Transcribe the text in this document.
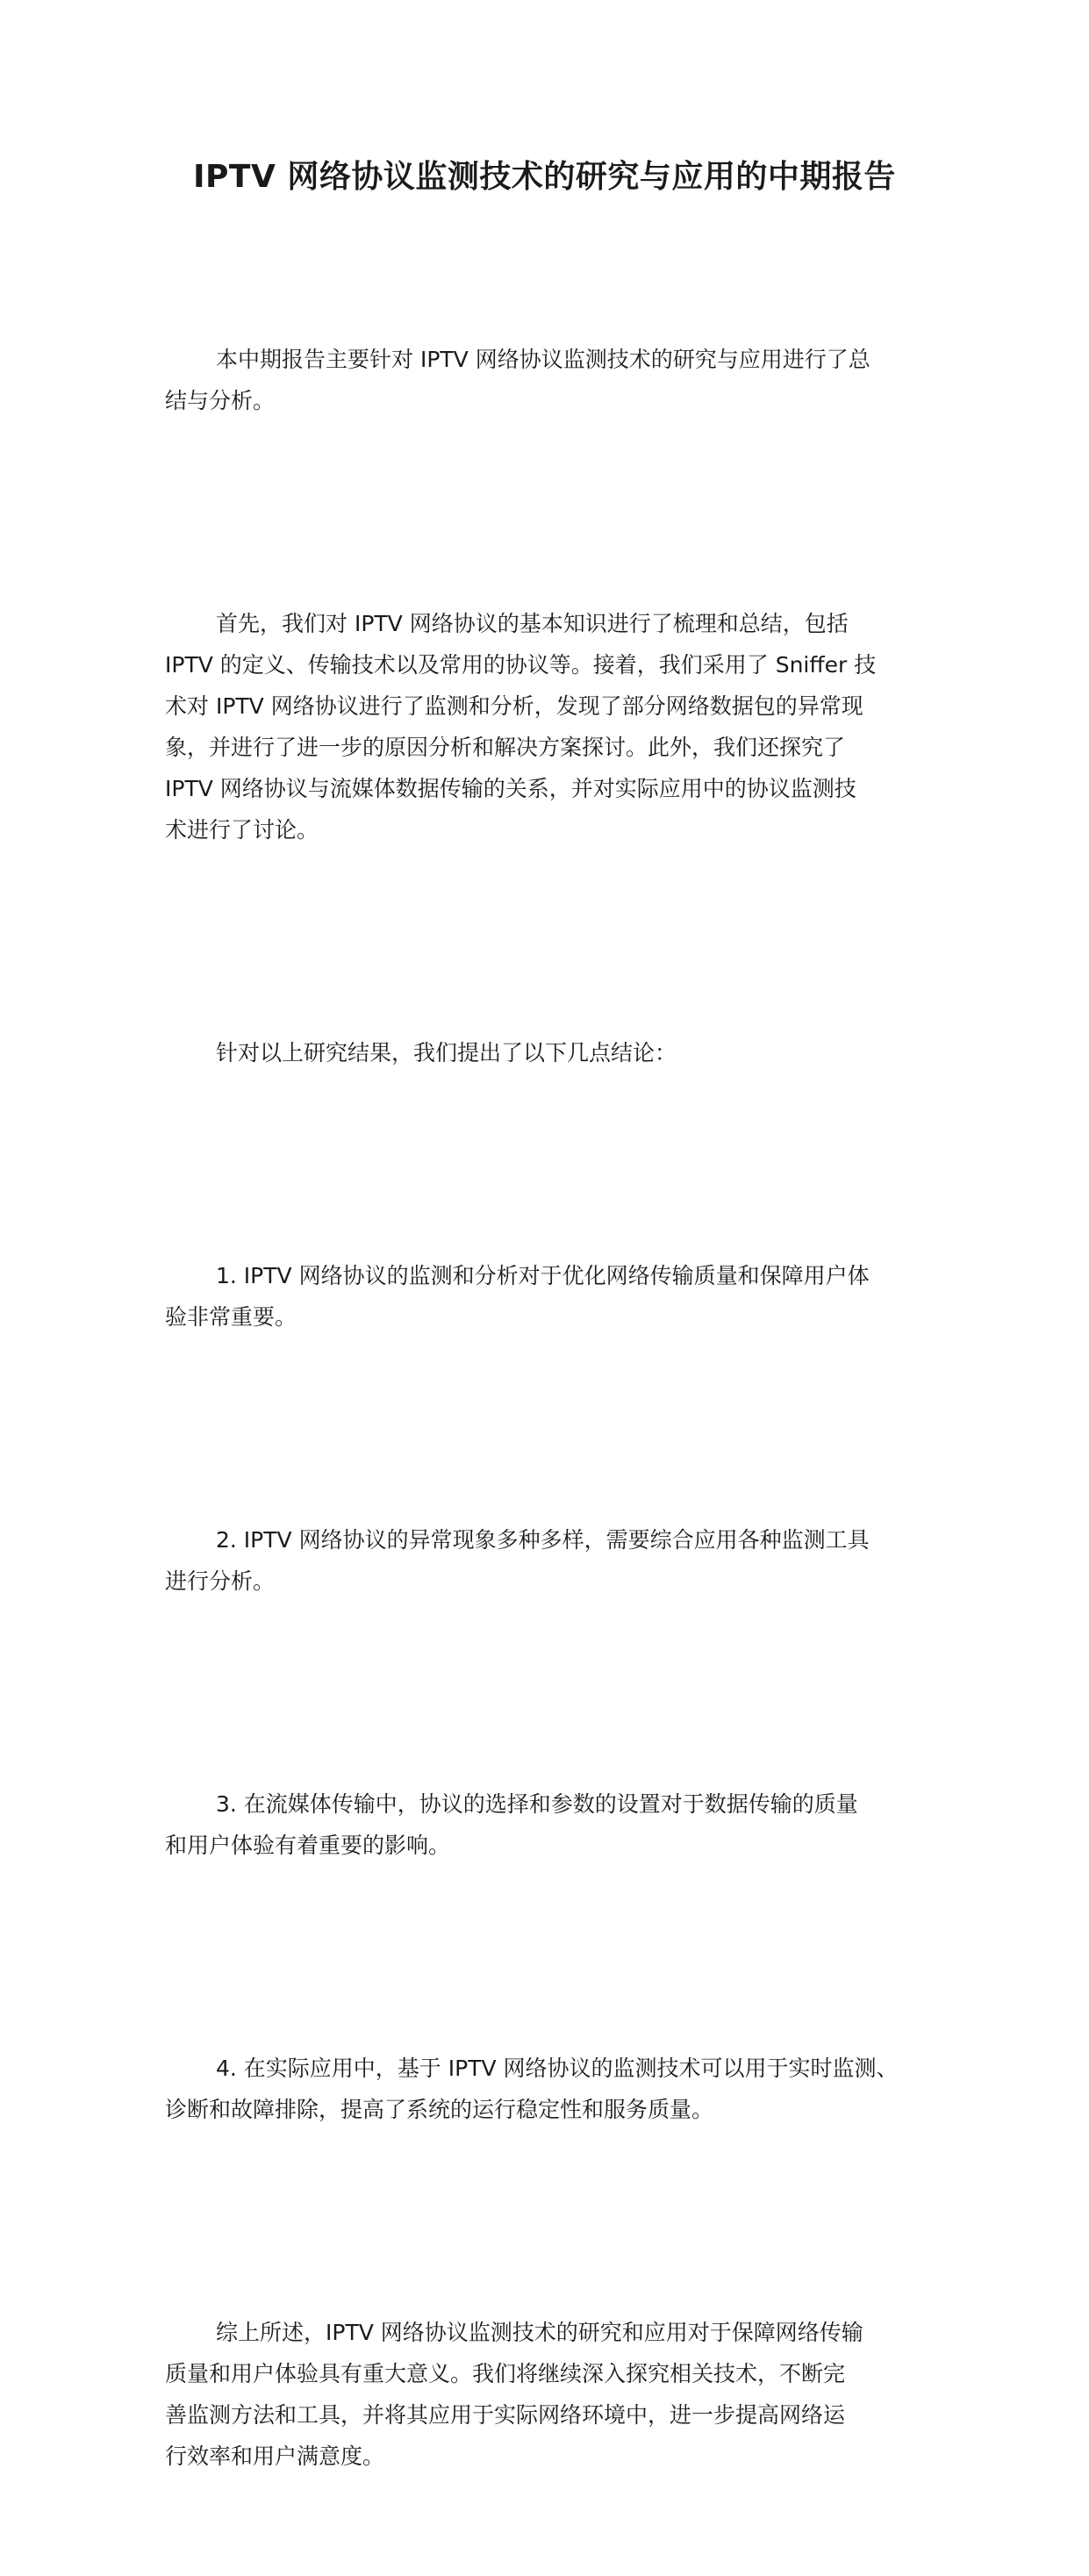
IPTV 网络协议监测技术的研究与应用的中期报告

本中期报告主要针对 IPTV 网络协议监测技术的研究与应用进行了总
结与分析。

首先，我们对 IPTV 网络协议的基本知识进行了梳理和总结，包括
IPTV 的定义、传输技术以及常用的协议等。接着，我们采用了 Sniffer 技
术对 IPTV 网络协议进行了监测和分析，发现了部分网络数据包的异常现
象，并进行了进一步的原因分析和解决方案探讨。此外，我们还探究了
IPTV 网络协议与流媒体数据传输的关系，并对实际应用中的协议监测技
术进行了讨论。

针对以上研究结果，我们提出了以下几点结论：

1. IPTV 网络协议的监测和分析对于优化网络传输质量和保障用户体
验非常重要。

2. IPTV 网络协议的异常现象多种多样，需要综合应用各种监测工具
进行分析。

3. 在流媒体传输中，协议的选择和参数的设置对于数据传输的质量
和用户体验有着重要的影响。

4. 在实际应用中，基于 IPTV 网络协议的监测技术可以用于实时监测、
诊断和故障排除，提高了系统的运行稳定性和服务质量。

综上所述，IPTV 网络协议监测技术的研究和应用对于保障网络传输
质量和用户体验具有重大意义。我们将继续深入探究相关技术，不断完
善监测方法和工具，并将其应用于实际网络环境中，进一步提高网络运
行效率和用户满意度。
